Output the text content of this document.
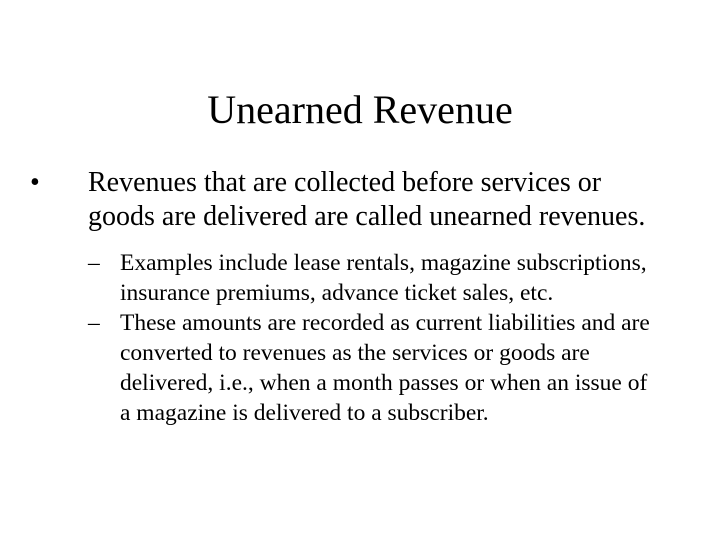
Unearned Revenue
•	Revenues that are collected before services or goods are delivered are called unearned revenues.
– Examples include lease rentals, magazine subscriptions, insurance premiums, advance ticket sales, etc.
– These amounts are recorded as current liabilities and are converted to revenues as the services or goods are delivered, i.e., when a month passes or when an issue of a magazine is delivered to a subscriber.
